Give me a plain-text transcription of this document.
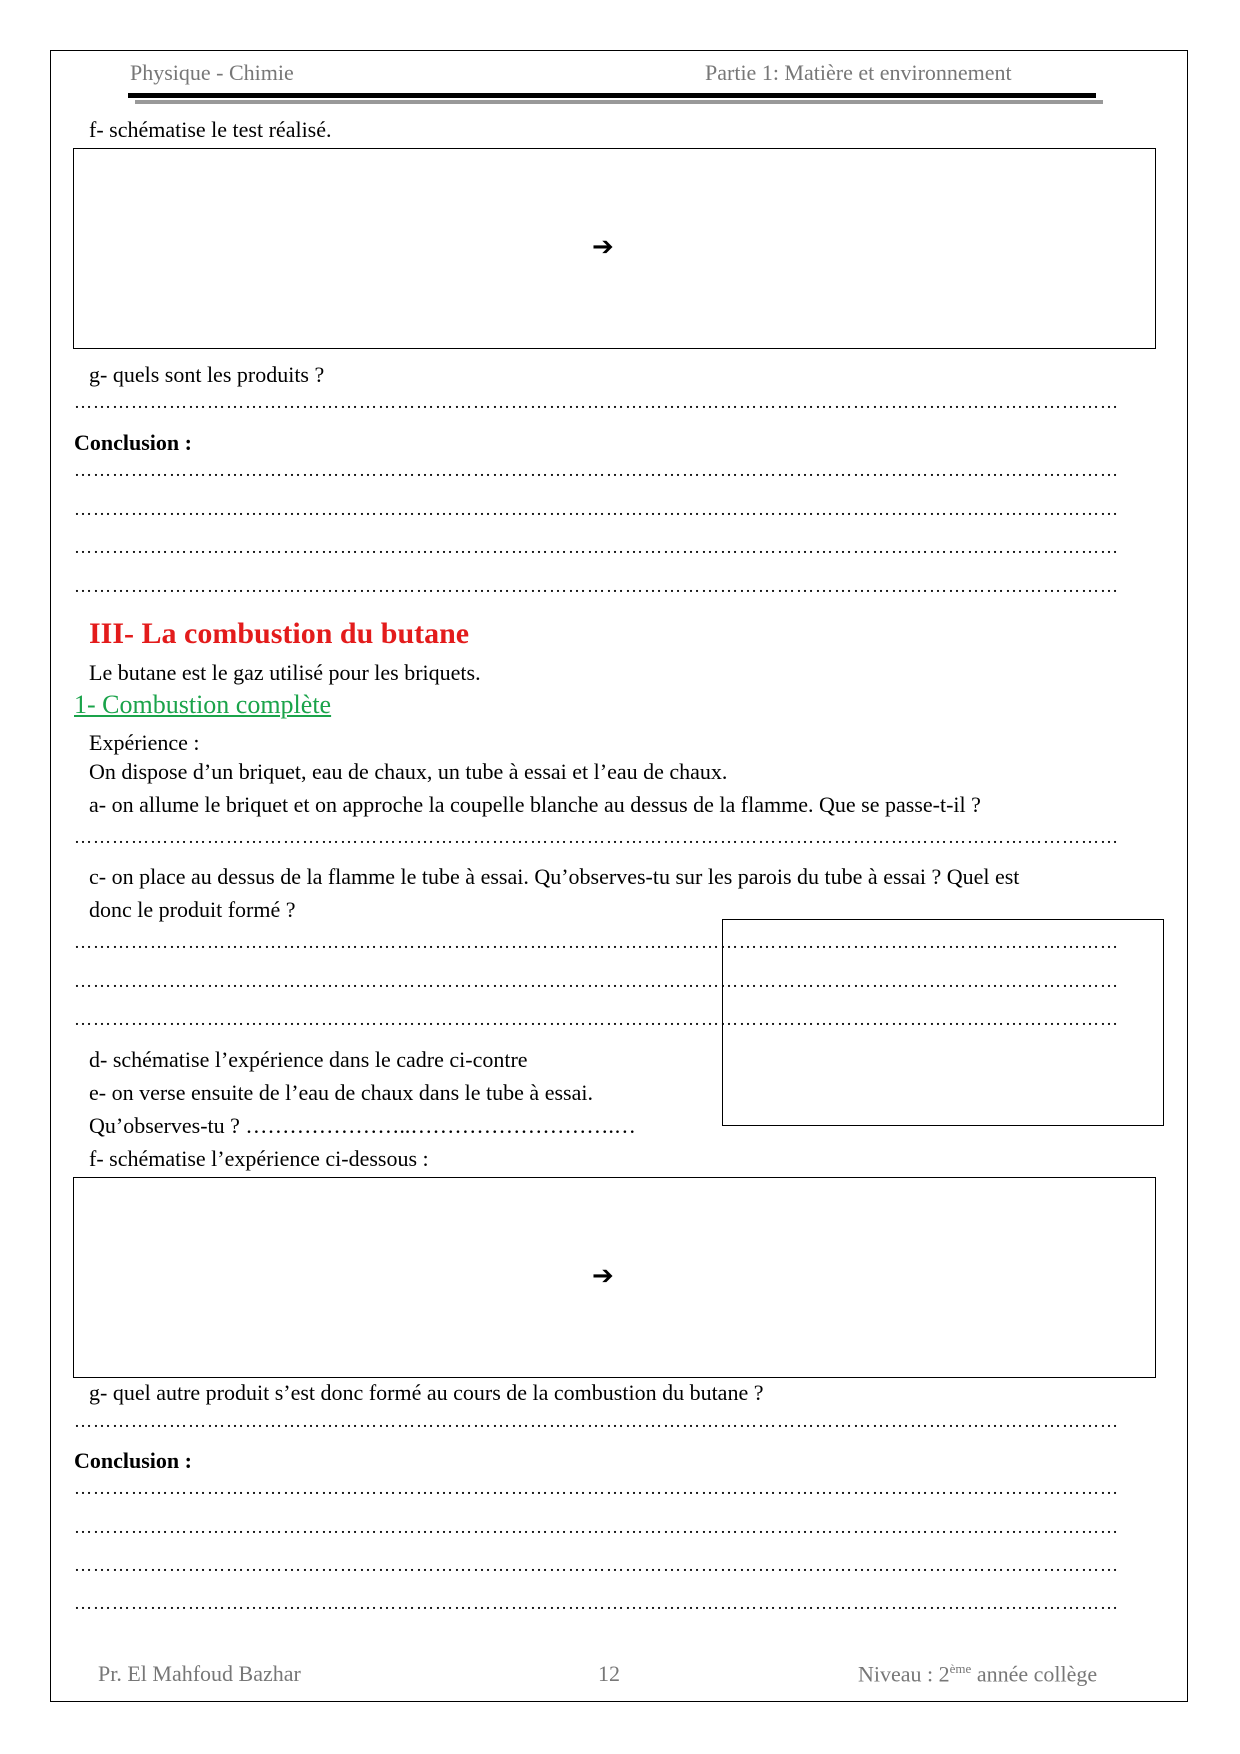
Physique - Chimie	Partie 1: Matière et environnement
f- schématise le test réalisé.
➔
g- quels sont les produits ?
…………………………………………………………………………………………………………………………………………………
Conclusion :
…………………………………………………………………………………………………………………………………………………
…………………………………………………………………………………………………………………………………………………
…………………………………………………………………………………………………………………………………………………
…………………………………………………………………………………………………………………………………………………
III- La combustion du butane
Le butane est le gaz utilisé pour les briquets.
1- Combustion complète
Expérience :
On dispose d’un briquet, eau de chaux, un tube à essai et l’eau de chaux.
a- on allume le briquet et on approche la coupelle blanche au dessus de la flamme. Que se passe-t-il ?
…………………………………………………………………………………………………………………………………………………
c- on place au dessus de la flamme le tube à essai. Qu’observes-tu sur les parois du tube à essai ? Quel est
donc le produit formé ?
…………………………………………………………………………………………………………………………………………………
…………………………………………………………………………………………………………………………………………………
…………………………………………………………………………………………………………………………………………………
d- schématise l’expérience dans le cadre ci-contre
e- on verse ensuite de l’eau de chaux dans le tube à essai.
Qu’observes-tu ? …………………..……………………….…
f- schématise l’expérience ci-dessous :
➔
g- quel autre produit s’est donc formé au cours de la combustion du butane ?
…………………………………………………………………………………………………………………………………………………
Conclusion :
…………………………………………………………………………………………………………………………………………………
…………………………………………………………………………………………………………………………………………………
…………………………………………………………………………………………………………………………………………………
…………………………………………………………………………………………………………………………………………………
Pr. El Mahfoud Bazhar	12	Niveau : 2ème année collège
